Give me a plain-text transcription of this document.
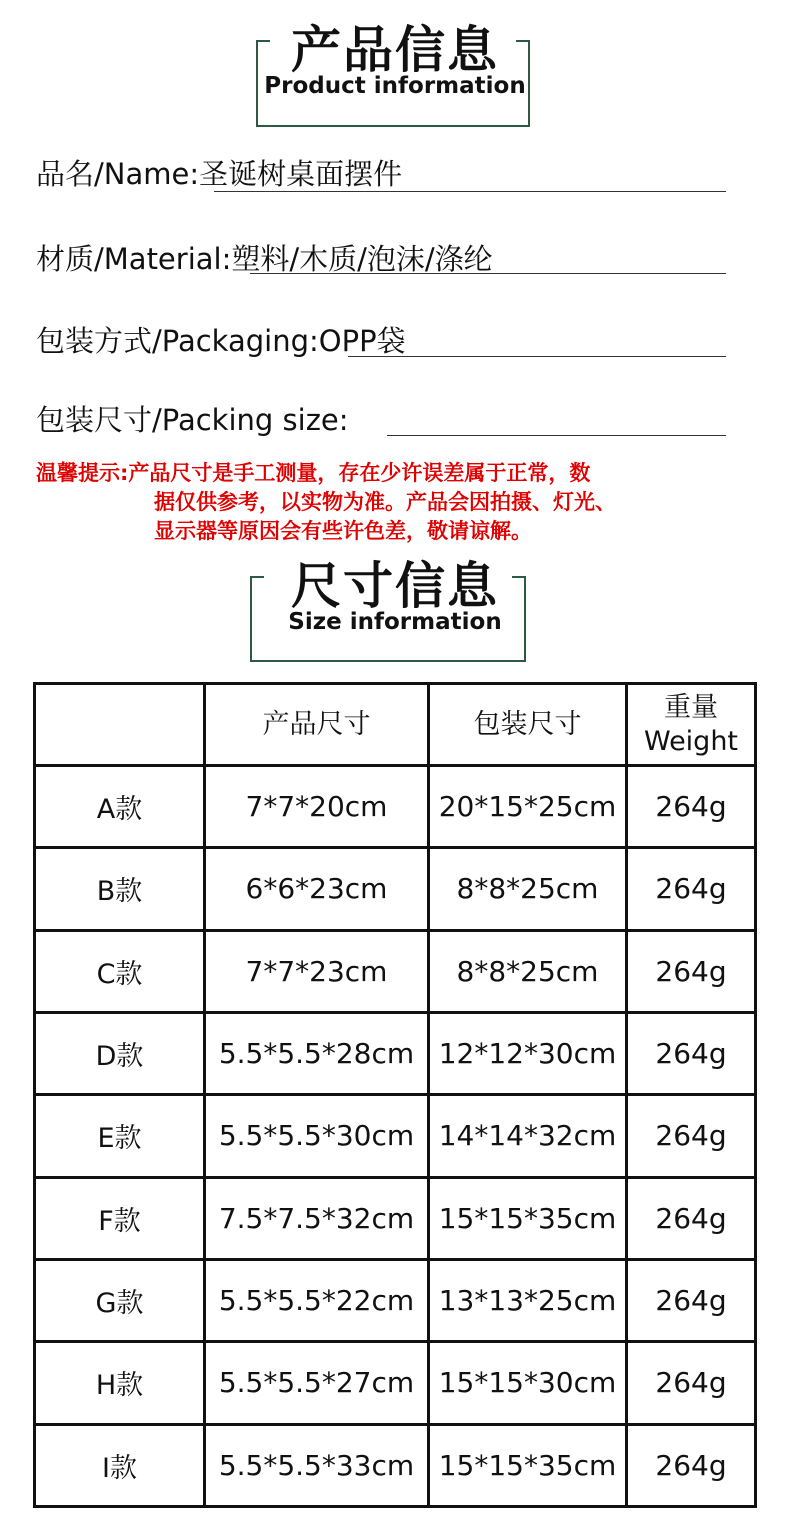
产品信息
Product information
品名/Name:圣诞树桌面摆件
材质/Material:塑料/木质/泡沫/涤纶
包装方式/Packaging:OPP袋
包装尺寸/Packing size:
温馨提示:产品尺寸是手工测量，存在少许误差属于正常，数
据仅供参考，以实物为准。产品会因拍摄、灯光、
显示器等原因会有些许色差，敬请谅解。
尺寸信息
Size information
	产品尺寸	包装尺寸	重量
Weight

A款	7*7*20cm	20*15*25cm	264g
B款	6*6*23cm	8*8*25cm	264g
C款	7*7*23cm	8*8*25cm	264g
D款	5.5*5.5*28cm	12*12*30cm	264g
E款	5.5*5.5*30cm	14*14*32cm	264g
F款	7.5*7.5*32cm	15*15*35cm	264g
G款	5.5*5.5*22cm	13*13*25cm	264g
H款	5.5*5.5*27cm	15*15*30cm	264g
I款	5.5*5.5*33cm	15*15*35cm	264g
